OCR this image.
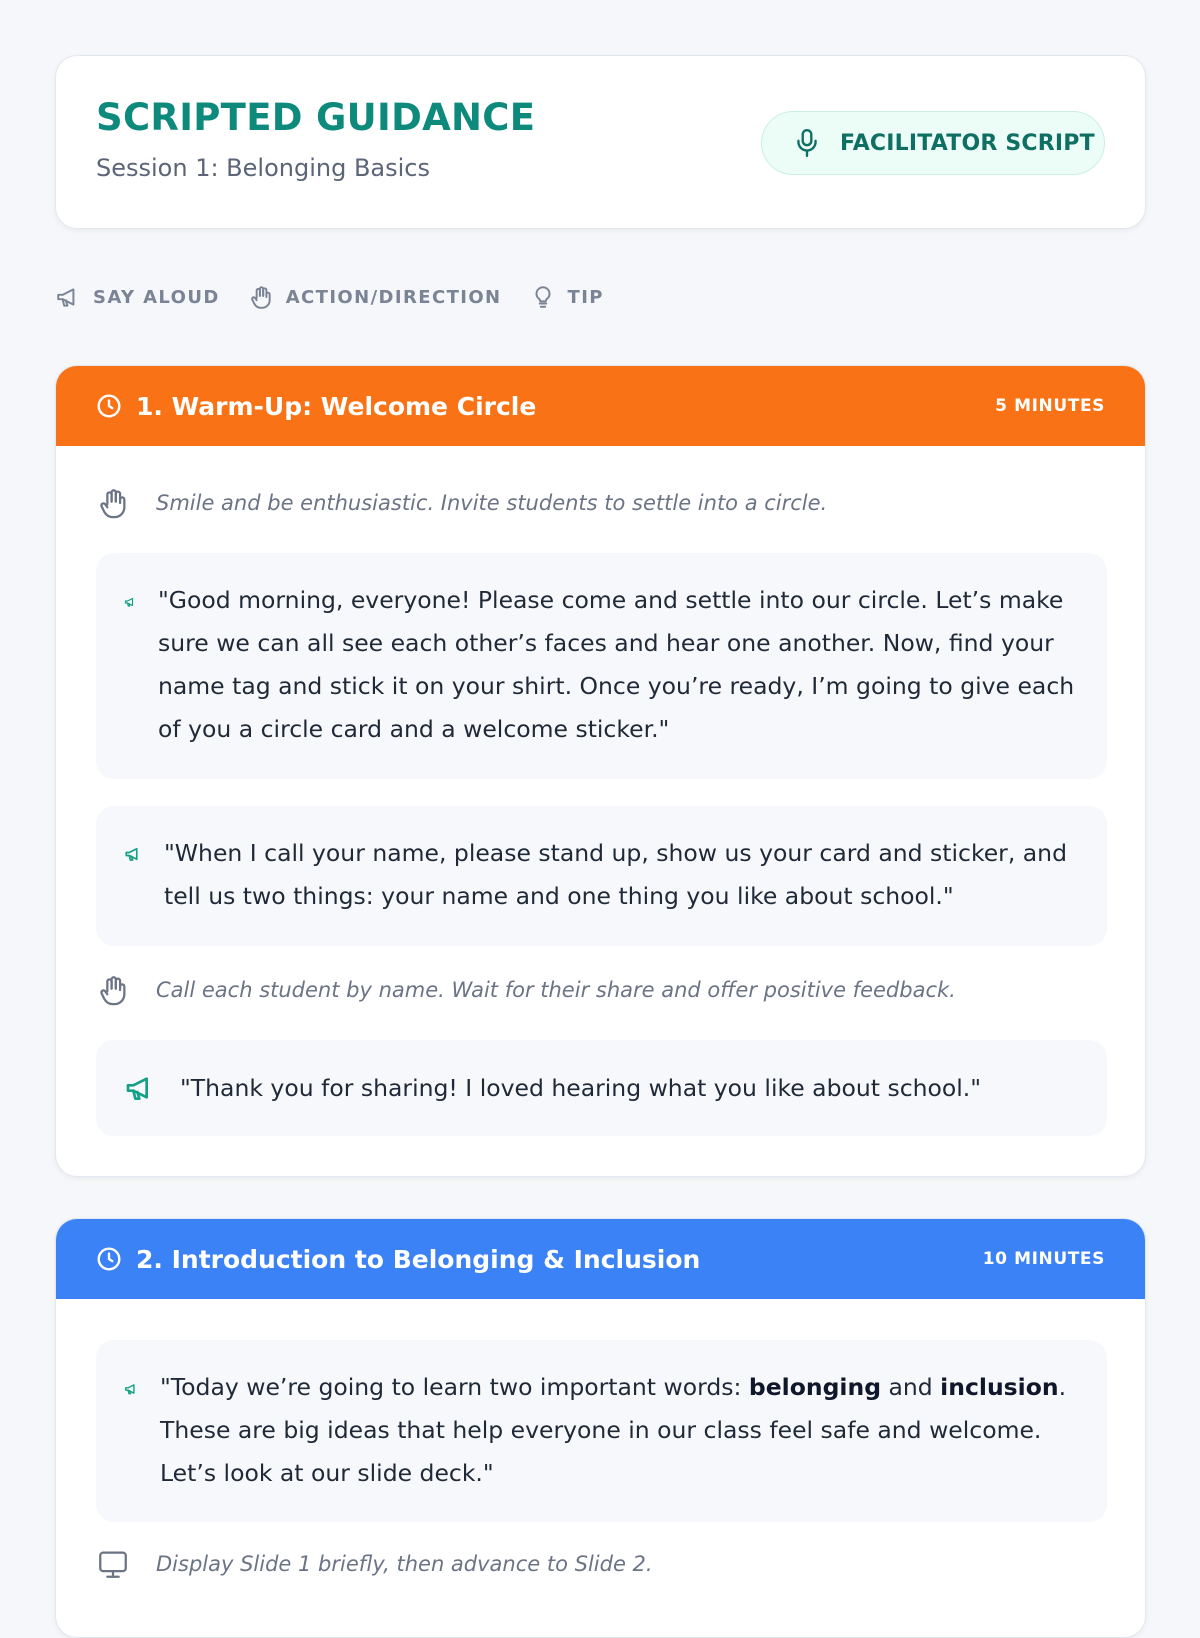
SCRIPTED GUIDANCE
Session 1: Belonging Basics
FACILITATOR SCRIPT
SAY ALOUD	ACTION/DIRECTION	TIP
1. Warm-Up: Welcome Circle	5 MINUTES
Smile and be enthusiastic. Invite students to settle into a circle.
"Good morning, everyone! Please come and settle into our circle. Let’s make sure we can all see each other’s faces and hear one another. Now, find your name tag and stick it on your shirt. Once you’re ready, I’m going to give each of you a circle card and a welcome sticker."
"When I call your name, please stand up, show us your card and sticker, and tell us two things: your name and one thing you like about school."
Call each student by name. Wait for their share and offer positive feedback.
"Thank you for sharing! I loved hearing what you like about school."
2. Introduction to Belonging & Inclusion	10 MINUTES
"Today we’re going to learn two important words: belonging and inclusion. These are big ideas that help everyone in our class feel safe and welcome. Let’s look at our slide deck."
Display Slide 1 briefly, then advance to Slide 2.
